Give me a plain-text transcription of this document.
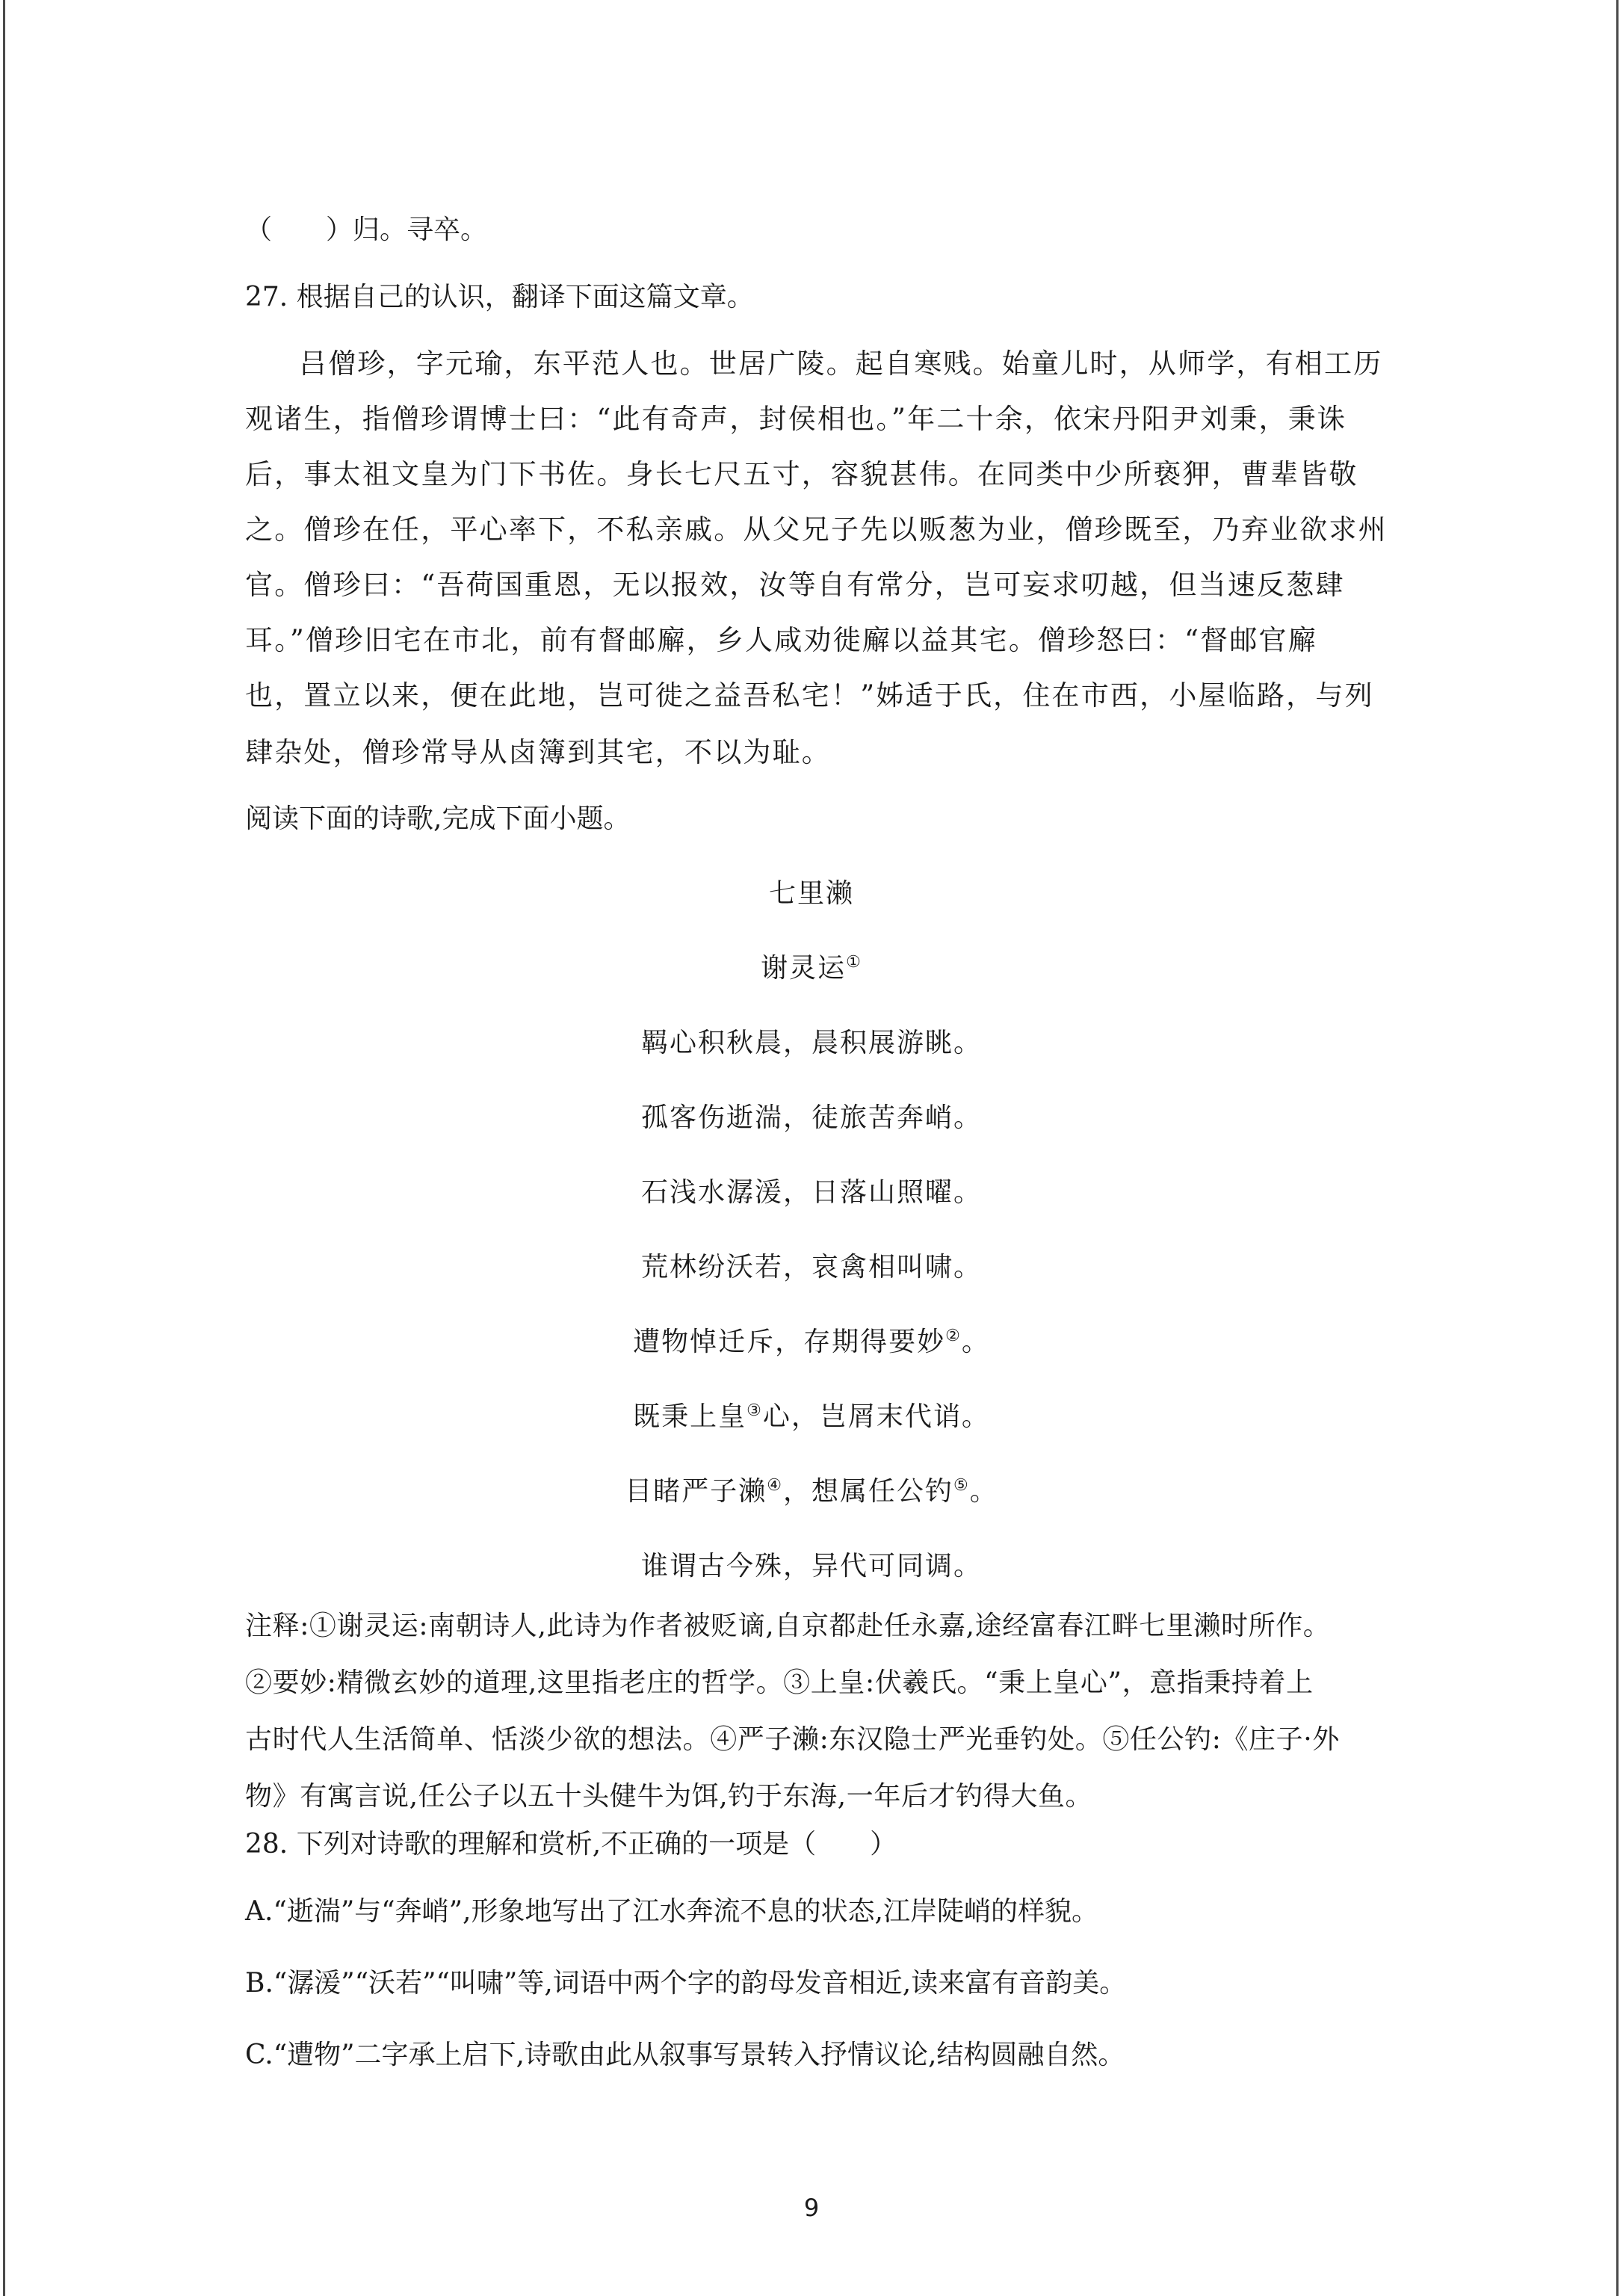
（　　）归。寻卒。
27. 根据自己的认识，翻译下面这篇文章。
吕僧珍，字元瑜，东平范人也。世居广陵。起自寒贱。始童儿时，从师学，有相工历
观诸生，指僧珍谓博士曰：“此有奇声，封侯相也。”年二十余，依宋丹阳尹刘秉，秉诛
后，事太祖文皇为门下书佐。身长七尺五寸，容貌甚伟。在同类中少所亵狎，曹辈皆敬
之。僧珍在任，平心率下，不私亲戚。从父兄子先以贩葱为业，僧珍既至，乃弃业欲求州
官。僧珍曰：“吾荷国重恩，无以报效，汝等自有常分，岂可妄求叨越，但当速反葱肆
耳。”僧珍旧宅在市北，前有督邮廨，乡人咸劝徙廨以益其宅。僧珍怒曰：“督邮官廨
也，置立以来，便在此地，岂可徙之益吾私宅！”姊适于氏，住在市西，小屋临路，与列
肆杂处，僧珍常导从卤簿到其宅，不以为耻。
阅读下面的诗歌,完成下面小题。
七里濑
谢灵运①
羁心积秋晨，晨积展游眺。
孤客伤逝湍，徒旅苦奔峭。
石浅水潺湲，日落山照曜。
荒林纷沃若，哀禽相叫啸。
遭物悼迁斥，存期得要妙②。
既秉上皇③心，岂屑末代诮。
目睹严子濑④，想属任公钓⑤。
谁谓古今殊，异代可同调。
注释:①谢灵运:南朝诗人,此诗为作者被贬谪,自京都赴任永嘉,途经富春江畔七里濑时所作。
②要妙:精微玄妙的道理,这里指老庄的哲学。③上皇:伏羲氏。“秉上皇心”，意指秉持着上
古时代人生活简单、恬淡少欲的想法。④严子濑:东汉隐士严光垂钓处。⑤任公钓:《庄子·外
物》有寓言说,任公子以五十头健牛为饵,钓于东海,一年后才钓得大鱼。
28. 下列对诗歌的理解和赏析,不正确的一项是（　　）
A.“逝湍”与“奔峭”,形象地写出了江水奔流不息的状态,江岸陡峭的样貌。
B.“潺湲”“沃若”“叫啸”等,词语中两个字的韵母发音相近,读来富有音韵美。
C.“遭物”二字承上启下,诗歌由此从叙事写景转入抒情议论,结构圆融自然。
9
